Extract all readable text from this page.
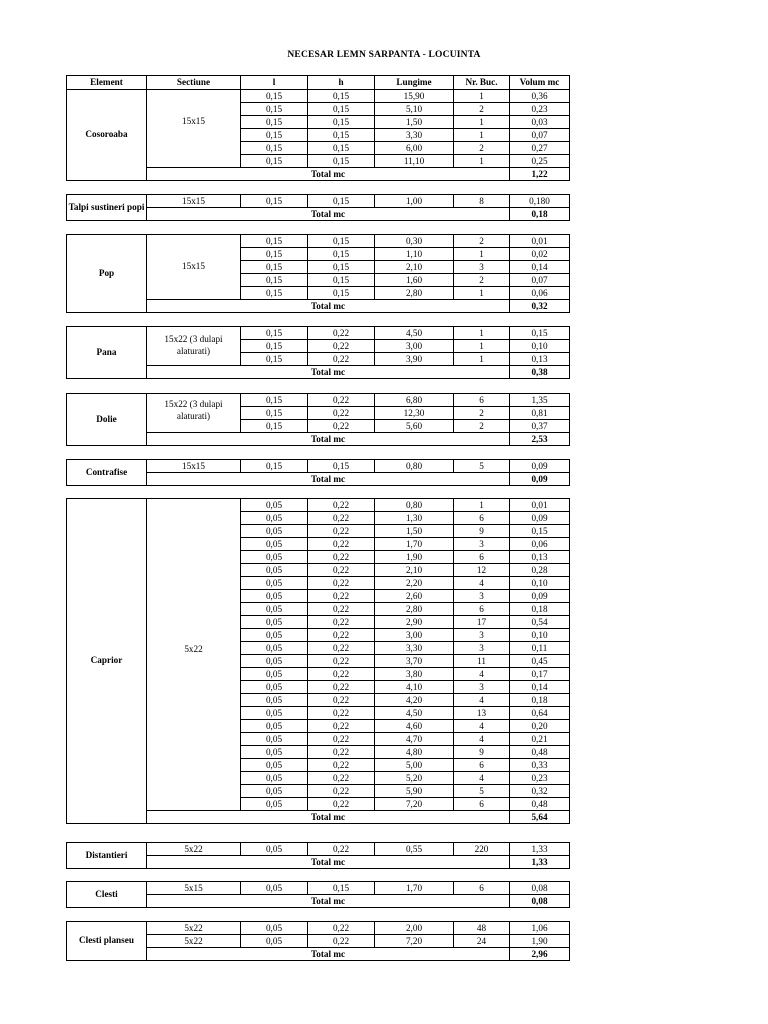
NECESAR LEMN SARPANTA - LOCUINTA
Element	Sectiune	l	h	Lungime	Nr. Buc.	Volum mc
Cosoroaba	15x15	0,15	0,15	15,90	1	0,36
		0,15	0,15	5,10	2	0,23
		0,15	0,15	1,50	1	0,03
		0,15	0,15	3,30	1	0,07
		0,15	0,15	6,00	2	0,27
		0,15	0,15	11,10	1	0,25
	Total mc					1,22
Talpi sustineri popi	15x15	0,15	0,15	1,00	8	0,180
	Total mc					0,18
Pop	15x15	0,15	0,15	0,30	2	0,01
		0,15	0,15	1,10	1	0,02
		0,15	0,15	2,10	3	0,14
		0,15	0,15	1,60	2	0,07
		0,15	0,15	2,80	1	0,06
	Total mc					0,32
Pana	15x22 (3 dulapi alaturati)	0,15	0,22	4,50	1	0,15
		0,15	0,22	3,00	1	0,10
		0,15	0,22	3,90	1	0,13
	Total mc					0,38
Dolie	15x22 (3 dulapi alaturati)	0,15	0,22	6,80	6	1,35
		0,15	0,22	12,30	2	0,81
		0,15	0,22	5,60	2	0,37
	Total mc					2,53
Contrafise	15x15	0,15	0,15	0,80	5	0,09
	Total mc					0,09
Caprior	5x22	0,05	0,22	0,80	1	0,01
		0,05	0,22	1,30	6	0,09
		0,05	0,22	1,50	9	0,15
		0,05	0,22	1,70	3	0,06
		0,05	0,22	1,90	6	0,13
		0,05	0,22	2,10	12	0,28
		0,05	0,22	2,20	4	0,10
		0,05	0,22	2,60	3	0,09
		0,05	0,22	2,80	6	0,18
		0,05	0,22	2,90	17	0,54
		0,05	0,22	3,00	3	0,10
		0,05	0,22	3,30	3	0,11
		0,05	0,22	3,70	11	0,45
		0,05	0,22	3,80	4	0,17
		0,05	0,22	4,10	3	0,14
		0,05	0,22	4,20	4	0,18
		0,05	0,22	4,50	13	0,64
		0,05	0,22	4,60	4	0,20
		0,05	0,22	4,70	4	0,21
		0,05	0,22	4,80	9	0,48
		0,05	0,22	5,00	6	0,33
		0,05	0,22	5,20	4	0,23
		0,05	0,22	5,90	5	0,32
		0,05	0,22	7,20	6	0,48
	Total mc					5,64
Distantieri	5x22	0,05	0,22	0,55	220	1,33
	Total mc					1,33
Clesti	5x15	0,05	0,15	1,70	6	0,08
	Total mc					0,08
Clesti planseu	5x22	0,05	0,22	2,00	48	1,06
	5x22	0,05	0,22	7,20	24	1,90
	Total mc					2,96
